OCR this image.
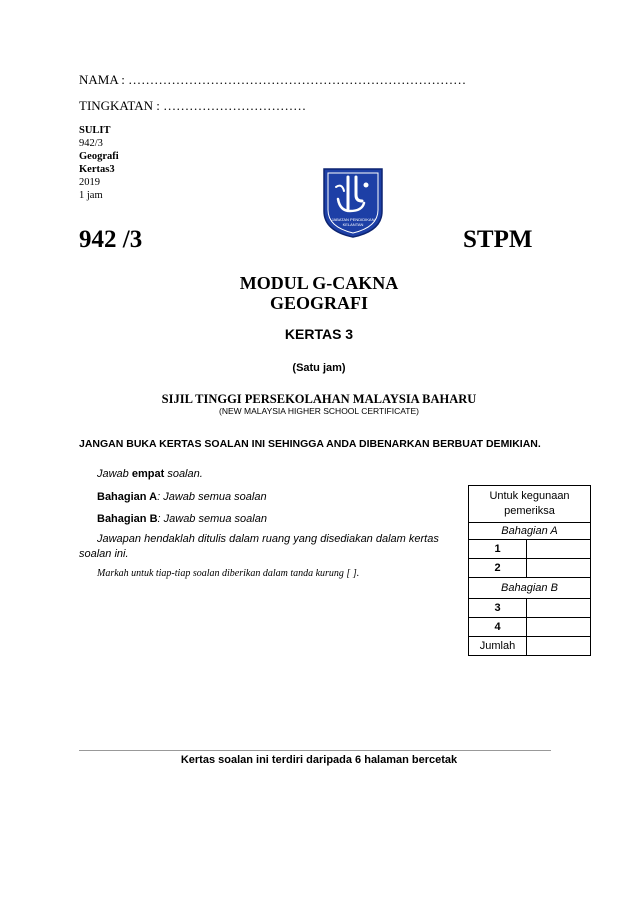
NAMA : ……………………………………………………………………
TINGKATAN : ……………………………
SULIT
942/3
Geografi
Kertas3
2019
1 jam
JABATAN PENDIDIKAN
KELANTAN
942 /3	STPM
MODUL G-CAKNA
GEOGRAFI
KERTAS 3
(Satu jam)
SIJIL TINGGI PERSEKOLAHAN MALAYSIA BAHARU
(NEW MALAYSIA HIGHER SCHOOL CERTIFICATE)
JANGAN BUKA KERTAS SOALAN INI SEHINGGA ANDA DIBENARKAN BERBUAT DEMIKIAN.
Jawab empat soalan.
Bahagian A: Jawab semua soalan
Bahagian B: Jawab semua soalan
Jawapan hendaklah ditulis dalam ruang yang disediakan dalam kertas
soalan ini.
Markah untuk tiap-tiap soalan diberikan dalam tanda kurung [ ].
Untuk kegunaan pemeriksa
Bahagian A
1
2
Bahagian B
3
4
Jumlah
Kertas soalan ini terdiri daripada 6 halaman bercetak
